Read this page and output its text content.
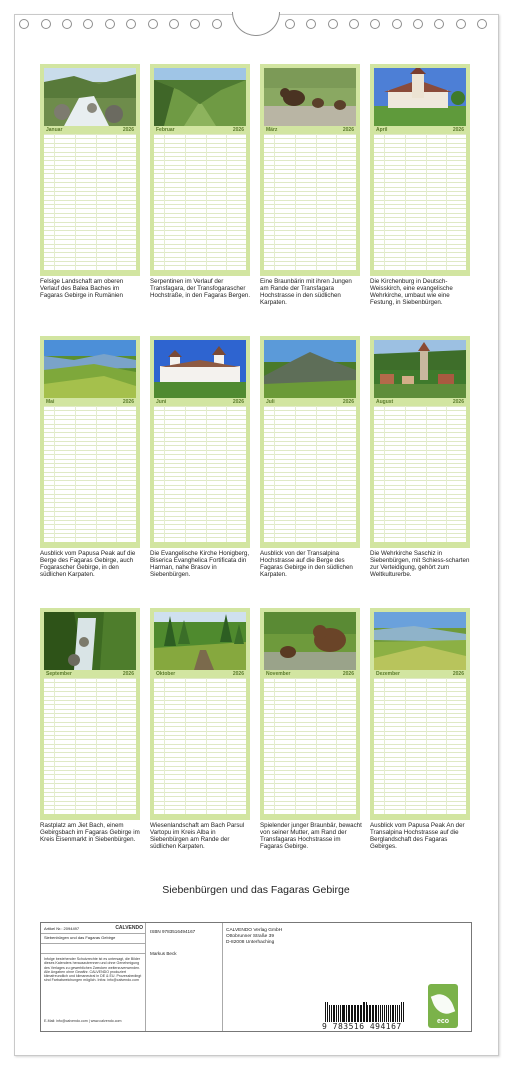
Januar	2026
Felsige Landschaft am oberen Verlauf des Balea Baches im Fagaras Gebirge in Rumänien
Februar	2026
Serpentinen im Verlauf der Transfagara, der Transfogarascher Hochstraße, in den Fagaras Bergen.
März	2026
Eine Braunbärin mit ihren Jungen am Rande der Transfagara Hochstrasse in den südlichen Karpaten.
April	2026
Die Kirchenburg in Deutsch-Weisskirch, eine evangelische Wehrkirche, umbaut wie eine Festung, in Siebenbürgen.
Mai	2026
Ausblick vom Papusa Peak auf die Berge des Fagaras Gebirge, auch Fogarascher Gebirge, in den südlichen Karpaten.
Juni	2026
Die Evangelische Kirche Honigberg, Biserica Evanghelica Fortificata din Harman, nahe Brasov in Siebenbürgen.
Juli	2026
Ausblick von der Transalpina Hochstrasse auf die Berge des Fagaras Gebirge in den südlichen Karpaten.
August	2026
Die Wehrkirche Saschiz in Siebenbürgen, mit Schiess-scharten zur Verteidigung, gehört zum Weltkulturerbe.
September	2026
Rastplatz am Jiet Bach, einem Gebirgsbach im Fagaras Gebirge im Kreis Eisenmarkt in Siebenbürgen.
Oktober	2026
Wiesenlandschaft am Bach Parsul Vartopu im Kreis Alba in Siebenbürgen am Rande der südlichen Karpaten.
November	2026
Spielender junger Braunbär, bewacht von seiner Mutter, am Rand der Transfagaras Hochstrasse im Fagaras Gebirge.
Dezember	2026
Ausblick vom Papusa Peak An der Transalpina Hochstrasse auf die Berglandschaft des Fagaras Gebirges.
Siebenbürgen und das Fagaras Gebirge
Artikel Nr.: 2094497	CALVENDO
Siebenbürgen und das Fagaras Gebirge
Infolge bestehender Schutzrechte ist es untersagt, die Bilder dieses Kalenders herauszutrennen und ohne Genehmigung des Verlages zu gewerblichen Zwecken weiterzuverwenden. Alle Angaben ohne Gewähr. CALVENDO produziert klimafreundlich und klimaneutral in DE & EU. Prozessbedingt sind Farbabweichungen möglich. Infos: info@calvendo.com
E-Mail: info@calvendo.com | www.calvendo.com
ISBN 9783516494167
Markus Beck
CALVENDO Verlag GmbH
Ottobrunner Straße 39
D-82008 Unterhaching
9 783516 494167
eco
